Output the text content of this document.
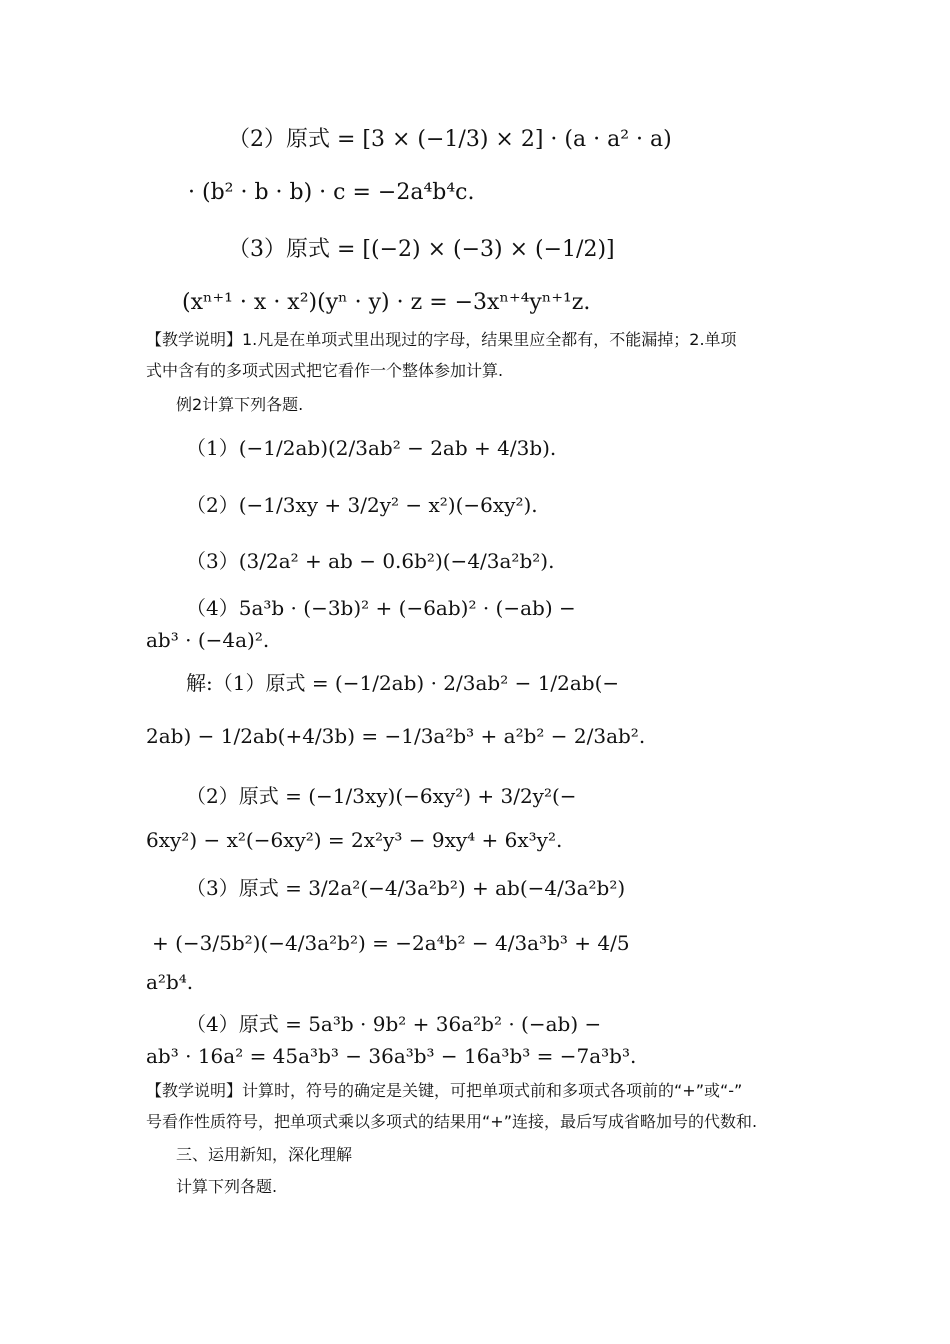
（2）原式 = [3 × (−1/3) × 2] · (a · a² · a)
· (b² · b · b) · c = −2a⁴b⁴c.
（3）原式 = [(−2) × (−3) × (−1/2)]
(xⁿ⁺¹ · x · x²)(yⁿ · y) · z = −3xⁿ⁺⁴yⁿ⁺¹z.
【教学说明】1.凡是在单项式里出现过的字母，结果里应全都有，不能漏掉；2.单项
式中含有的多项式因式把它看作一个整体参加计算.
例2计算下列各题.
（1）(−1/2ab)(2/3ab² − 2ab + 4/3b).
（2）(−1/3xy + 3/2y² − x²)(−6xy²).
（3）(3/2a² + ab − 0.6b²)(−4/3a²b²).
（4）5a³b · (−3b)² + (−6ab)² · (−ab) −
ab³ · (−4a)².
解:（1）原式 = (−1/2ab) · 2/3ab² − 1/2ab(−
2ab) − 1/2ab(+4/3b) = −1/3a²b³ + a²b² − 2/3ab².
（2）原式 = (−1/3xy)(−6xy²) + 3/2y²(−
6xy²) − x²(−6xy²) = 2x²y³ − 9xy⁴ + 6x³y².
（3）原式 = 3/2a²(−4/3a²b²) + ab(−4/3a²b²)
+ (−3/5b²)(−4/3a²b²) = −2a⁴b² − 4/3a³b³ + 4/5
a²b⁴.
（4）原式 = 5a³b · 9b² + 36a²b² · (−ab) −
ab³ · 16a² = 45a³b³ − 36a³b³ − 16a³b³ = −7a³b³.
【教学说明】计算时，符号的确定是关键，可把单项式前和多项式各项前的“+”或“-”
号看作性质符号，把单项式乘以多项式的结果用“+”连接，最后写成省略加号的代数和.
三、运用新知，深化理解
计算下列各题.
